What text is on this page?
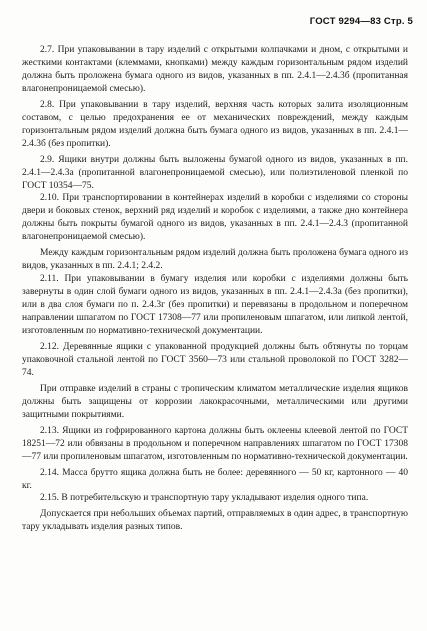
ГОСТ 9294—83 Стр. 5

2.7. При упаковывании в тару изделий с открытыми колпачками и дном, с открытыми и жесткими контактами (клеммами, кнопками) между каждым горизонтальным рядом изделий должна быть проложена бумага одного из видов, указанных в пп. 2.4.1—2.4.3б (пропитанная влагонепроницаемой смесью).

2.8. При упаковывании в тару изделий, верхняя часть которых залита изоляционным составом, с целью предохранения ее от механических повреждений, между каждым горизонтальным рядом изделий должна быть бумага одного из видов, указанных в пп. 2.4.1—2.4.3б (без пропитки).

2.9. Ящики внутри должны быть выложены бумагой одного из видов, указанных в пп. 2.4.1—2.4.3а (пропитанной влагонепроницаемой смесью), или полиэтиленовой пленкой по ГОСТ 10354—75.

2.10. При транспортировании в контейнерах изделий в коробки с изделиями со стороны двери и боковых стенок, верхний ряд изделий и коробок с изделиями, а также дно контейнера должны быть покрыты бумагой одного из видов, указанных в пп. 2.4.1—2.4.3 (пропитанной влагонепроницаемой смесью).

Между каждым горизонтальным рядом изделий должна быть проложена бумага одного из видов, указанных в пп. 2.4.1; 2.4.2.

2.11. При упаковывании в бумагу изделия или коробки с изделиями должны быть завернуты в один слой бумаги одного из видов, указанных в пп. 2.4.1—2.4.3а (без пропитки), или в два слоя бумаги по п. 2.4.3г (без пропитки) и перевязаны в продольном и поперечном направлении шпагатом по ГОСТ 17308—77 или пропиленовым шпагатом, или липкой лентой, изготовленным по нормативно-технической документации.

2.12. Деревянные ящики с упакованной продукцией должны быть обтянуты по торцам упаковочной стальной лентой по ГОСТ 3560—73 или стальной проволокой по ГОСТ 3282—74.

При отправке изделий в страны с тропическим климатом металлические изделия ящиков должны быть защищены от коррозии лакокрасочными, металлическими или другими защитными покрытиями.

2.13. Ящики из гофрированного картона должны быть оклеены клеевой лентой по ГОСТ 18251—72 или обвязаны в продольном и поперечном направлениях шпагатом по ГОСТ 17308—77 или пропиленовым шпагатом, изготовленным по нормативно-технической документации.

2.14. Масса брутто ящика должна быть не более: деревянного — 50 кг, картонного — 40 кг.

2.15. В потребительскую и транспортную тару укладывают изделия одного типа.

Допускается при небольших объемах партий, отправляемых в один адрес, в транспортную тару укладывать изделия разных типов.
